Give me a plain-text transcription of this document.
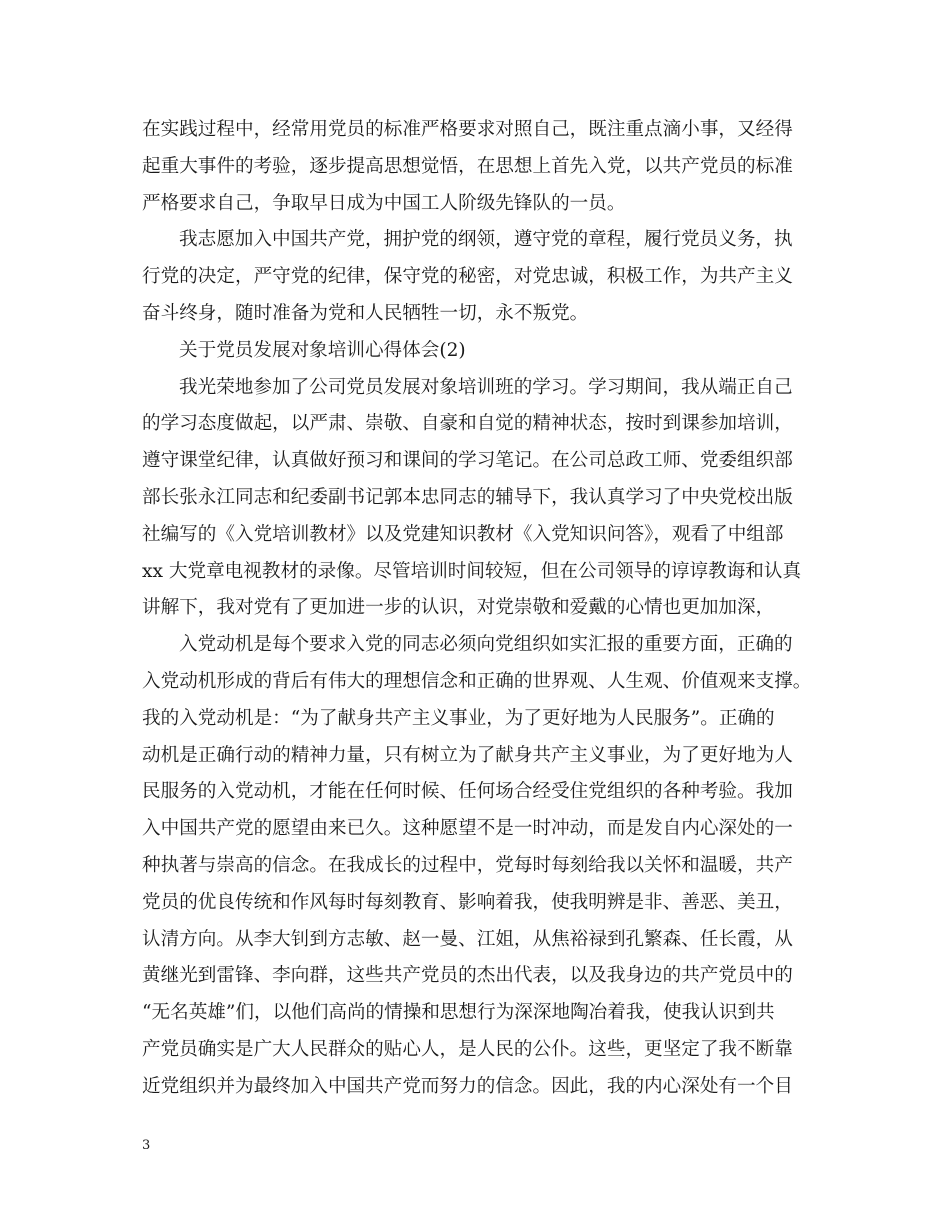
在实践过程中，经常用党员的标准严格要求对照自己，既注重点滴小事，又经得
起重大事件的考验，逐步提高思想觉悟，在思想上首先入党，以共产党员的标准
严格要求自己，争取早日成为中国工人阶级先锋队的一员。
我志愿加入中国共产党，拥护党的纲领，遵守党的章程，履行党员义务，执
行党的决定，严守党的纪律，保守党的秘密，对党忠诚，积极工作，为共产主义
奋斗终身，随时准备为党和人民牺牲一切，永不叛党。
关于党员发展对象培训心得体会(2)
我光荣地参加了公司党员发展对象培训班的学习。学习期间，我从端正自己
的学习态度做起，以严肃、崇敬、自豪和自觉的精神状态，按时到课参加培训，
遵守课堂纪律，认真做好预习和课间的学习笔记。在公司总政工师、党委组织部
部长张永江同志和纪委副书记郭本忠同志的辅导下，我认真学习了中央党校出版
社编写的《入党培训教材》以及党建知识教材《入党知识问答》，观看了中组部
xx 大党章电视教材的录像。尽管培训时间较短，但在公司领导的谆谆教诲和认真
讲解下，我对党有了更加进一步的认识，对党崇敬和爱戴的心情也更加加深，
入党动机是每个要求入党的同志必须向党组织如实汇报的重要方面，正确的
入党动机形成的背后有伟大的理想信念和正确的世界观、人生观、价值观来支撑。
我的入党动机是：“为了献身共产主义事业，为了更好地为人民服务”。正确的
动机是正确行动的精神力量，只有树立为了献身共产主义事业，为了更好地为人
民服务的入党动机，才能在任何时候、任何场合经受住党组织的各种考验。我加
入中国共产党的愿望由来已久。这种愿望不是一时冲动，而是发自内心深处的一
种执著与崇高的信念。在我成长的过程中，党每时每刻给我以关怀和温暖，共产
党员的优良传统和作风每时每刻教育、影响着我，使我明辨是非、善恶、美丑，
认清方向。从李大钊到方志敏、赵一曼、江姐，从焦裕禄到孔繁森、任长霞，从
黄继光到雷锋、李向群，这些共产党员的杰出代表，以及我身边的共产党员中的
“无名英雄”们，以他们高尚的情操和思想行为深深地陶冶着我，使我认识到共
产党员确实是广大人民群众的贴心人，是人民的公仆。这些，更坚定了我不断靠
近党组织并为最终加入中国共产党而努力的信念。因此，我的内心深处有一个目
3
